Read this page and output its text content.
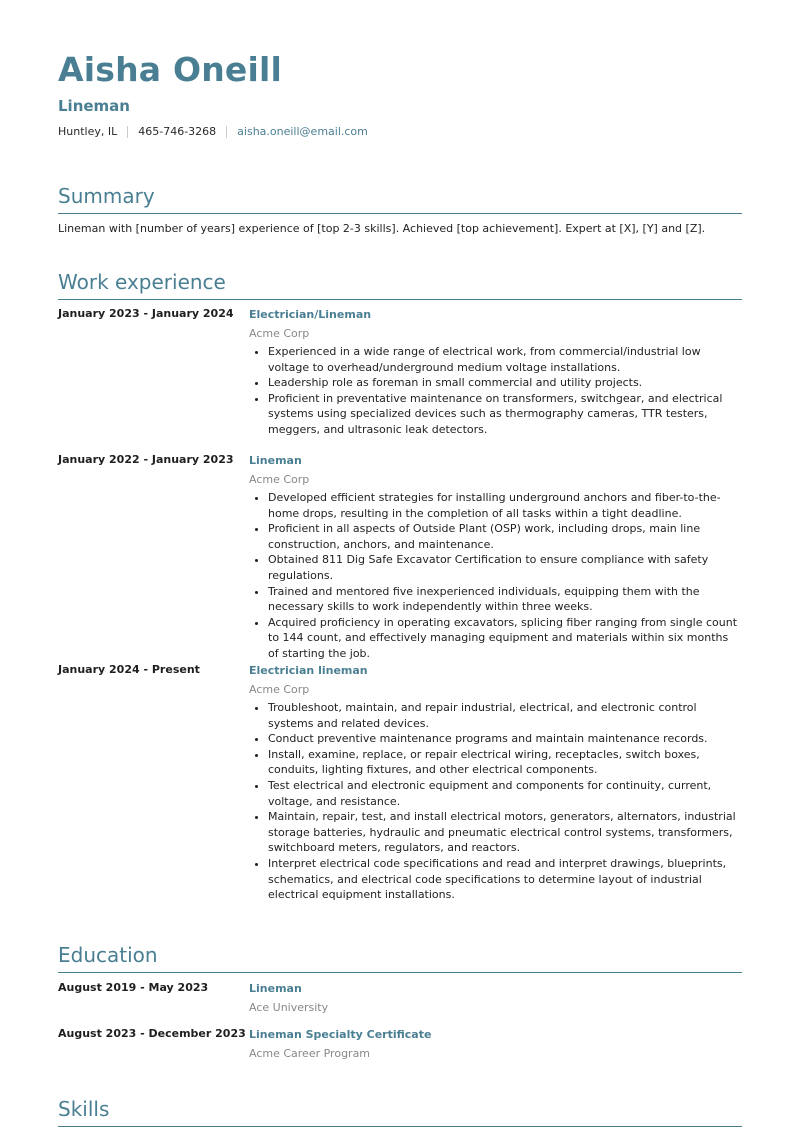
Aisha Oneill
Lineman
Huntley, IL 465-746-3268 aisha.oneill@email.com
Summary
Lineman with [number of years] experience of [top 2-3 skills]. Achieved [top achievement]. Expert at [X], [Y] and [Z].
Work experience
January 2023 - January 2024 Electrician/Lineman
Acme Corp
• Experienced in a wide range of electrical work, from commercial/industrial low voltage to overhead/underground medium voltage installations.
• Leadership role as foreman in small commercial and utility projects.
• Proficient in preventative maintenance on transformers, switchgear, and electrical systems using specialized devices such as thermography cameras, TTR testers, meggers, and ultrasonic leak detectors.
January 2022 - January 2023 Lineman
Acme Corp
• Developed efficient strategies for installing underground anchors and fiber-to-the-home drops, resulting in the completion of all tasks within a tight deadline.
• Proficient in all aspects of Outside Plant (OSP) work, including drops, main line construction, anchors, and maintenance.
• Obtained 811 Dig Safe Excavator Certification to ensure compliance with safety regulations.
• Trained and mentored five inexperienced individuals, equipping them with the necessary skills to work independently within three weeks.
• Acquired proficiency in operating excavators, splicing fiber ranging from single count to 144 count, and effectively managing equipment and materials within six months of starting the job.
January 2024 - Present	Electrician lineman
Acme Corp
• Troubleshoot, maintain, and repair industrial, electrical, and electronic control systems and related devices.
• Conduct preventive maintenance programs and maintain maintenance records.
• Install, examine, replace, or repair electrical wiring, receptacles, switch boxes, conduits, lighting fixtures, and other electrical components.
• Test electrical and electronic equipment and components for continuity, current, voltage, and resistance.
• Maintain, repair, test, and install electrical motors, generators, alternators, industrial storage batteries, hydraulic and pneumatic electrical control systems, transformers, switchboard meters, regulators, and reactors.
• Interpret electrical code specifications and read and interpret drawings, blueprints, schematics, and electrical code specifications to determine layout of industrial electrical equipment installations.
Education
August 2019 - May 2023	Lineman
Ace University
August 2023 - December 2023 Lineman Specialty Certificate
Acme Career Program
Skills
